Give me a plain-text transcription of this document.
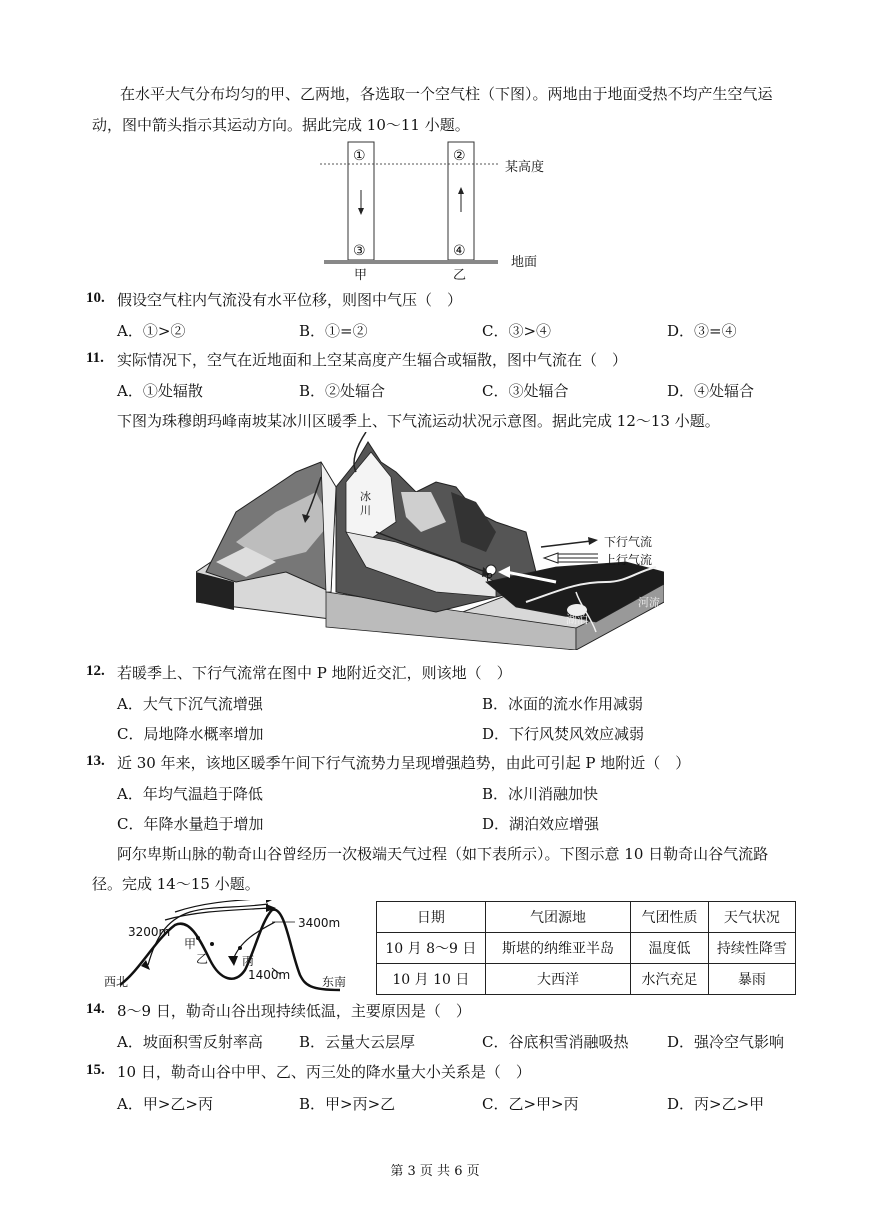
在水平大气分布均匀的甲、乙两地，各选取一个空气柱（下图）。两地由于地面受热不均产生空气运
动，图中箭头指示其运动方向。据此完成 10～11 小题。
①	②
③	④
某高度
地面
甲	乙
10. 假设空气柱内气流没有水平位移，则图中气压（　）
A．①>②	B．①=②	C．③>④	D．③=④
11. 实际情况下，空气在近地面和上空某高度产生辐合或辐散，图中气流在（　）
A．①处辐散	B．②处辐合	C．③处辐合	D．④处辐合
下图为珠穆朗玛峰南坡某冰川区暖季上、下气流运动状况示意图。据此完成 12～13 小题。
冰川
下行气流
上行气流
P
河流
湖泊
12. 若暖季上、下行气流常在图中 P 地附近交汇，则该地（　）
A．大气下沉气流增强	B．冰面的流水作用减弱
C．局地降水概率增加	D．下行风焚风效应减弱
13. 近 30 年来，该地区暖季午间下行气流势力呈现增强趋势，由此可引起 P 地附近（　）
A．年均气温趋于降低	B．冰川消融加快
C．年降水量趋于增加	D．湖泊效应增强
阿尔卑斯山脉的勒奇山谷曾经历一次极端天气过程（如下表所示）。下图示意 10 日勒奇山谷气流路
径。完成 14～15 小题。
3200m
3400m
1400m
西北	东南
甲
乙	丙
日期	气团源地	气团性质	天气状况
10 月 8～9 日	斯堪的纳维亚半岛	温度低	持续性降雪
10 月 10 日	大西洋	水汽充足	暴雨
14. 8～9 日，勒奇山谷出现持续低温，主要原因是（　）
A．坡面积雪反射率高 B．云量大云层厚	C．谷底积雪消融吸热	D．强冷空气影响
15. 10 日，勒奇山谷中甲、乙、丙三处的降水量大小关系是（　）
A．甲>乙>丙	B．甲>丙>乙	C．乙>甲>丙	D．丙>乙>甲
第 3 页 共 6 页
